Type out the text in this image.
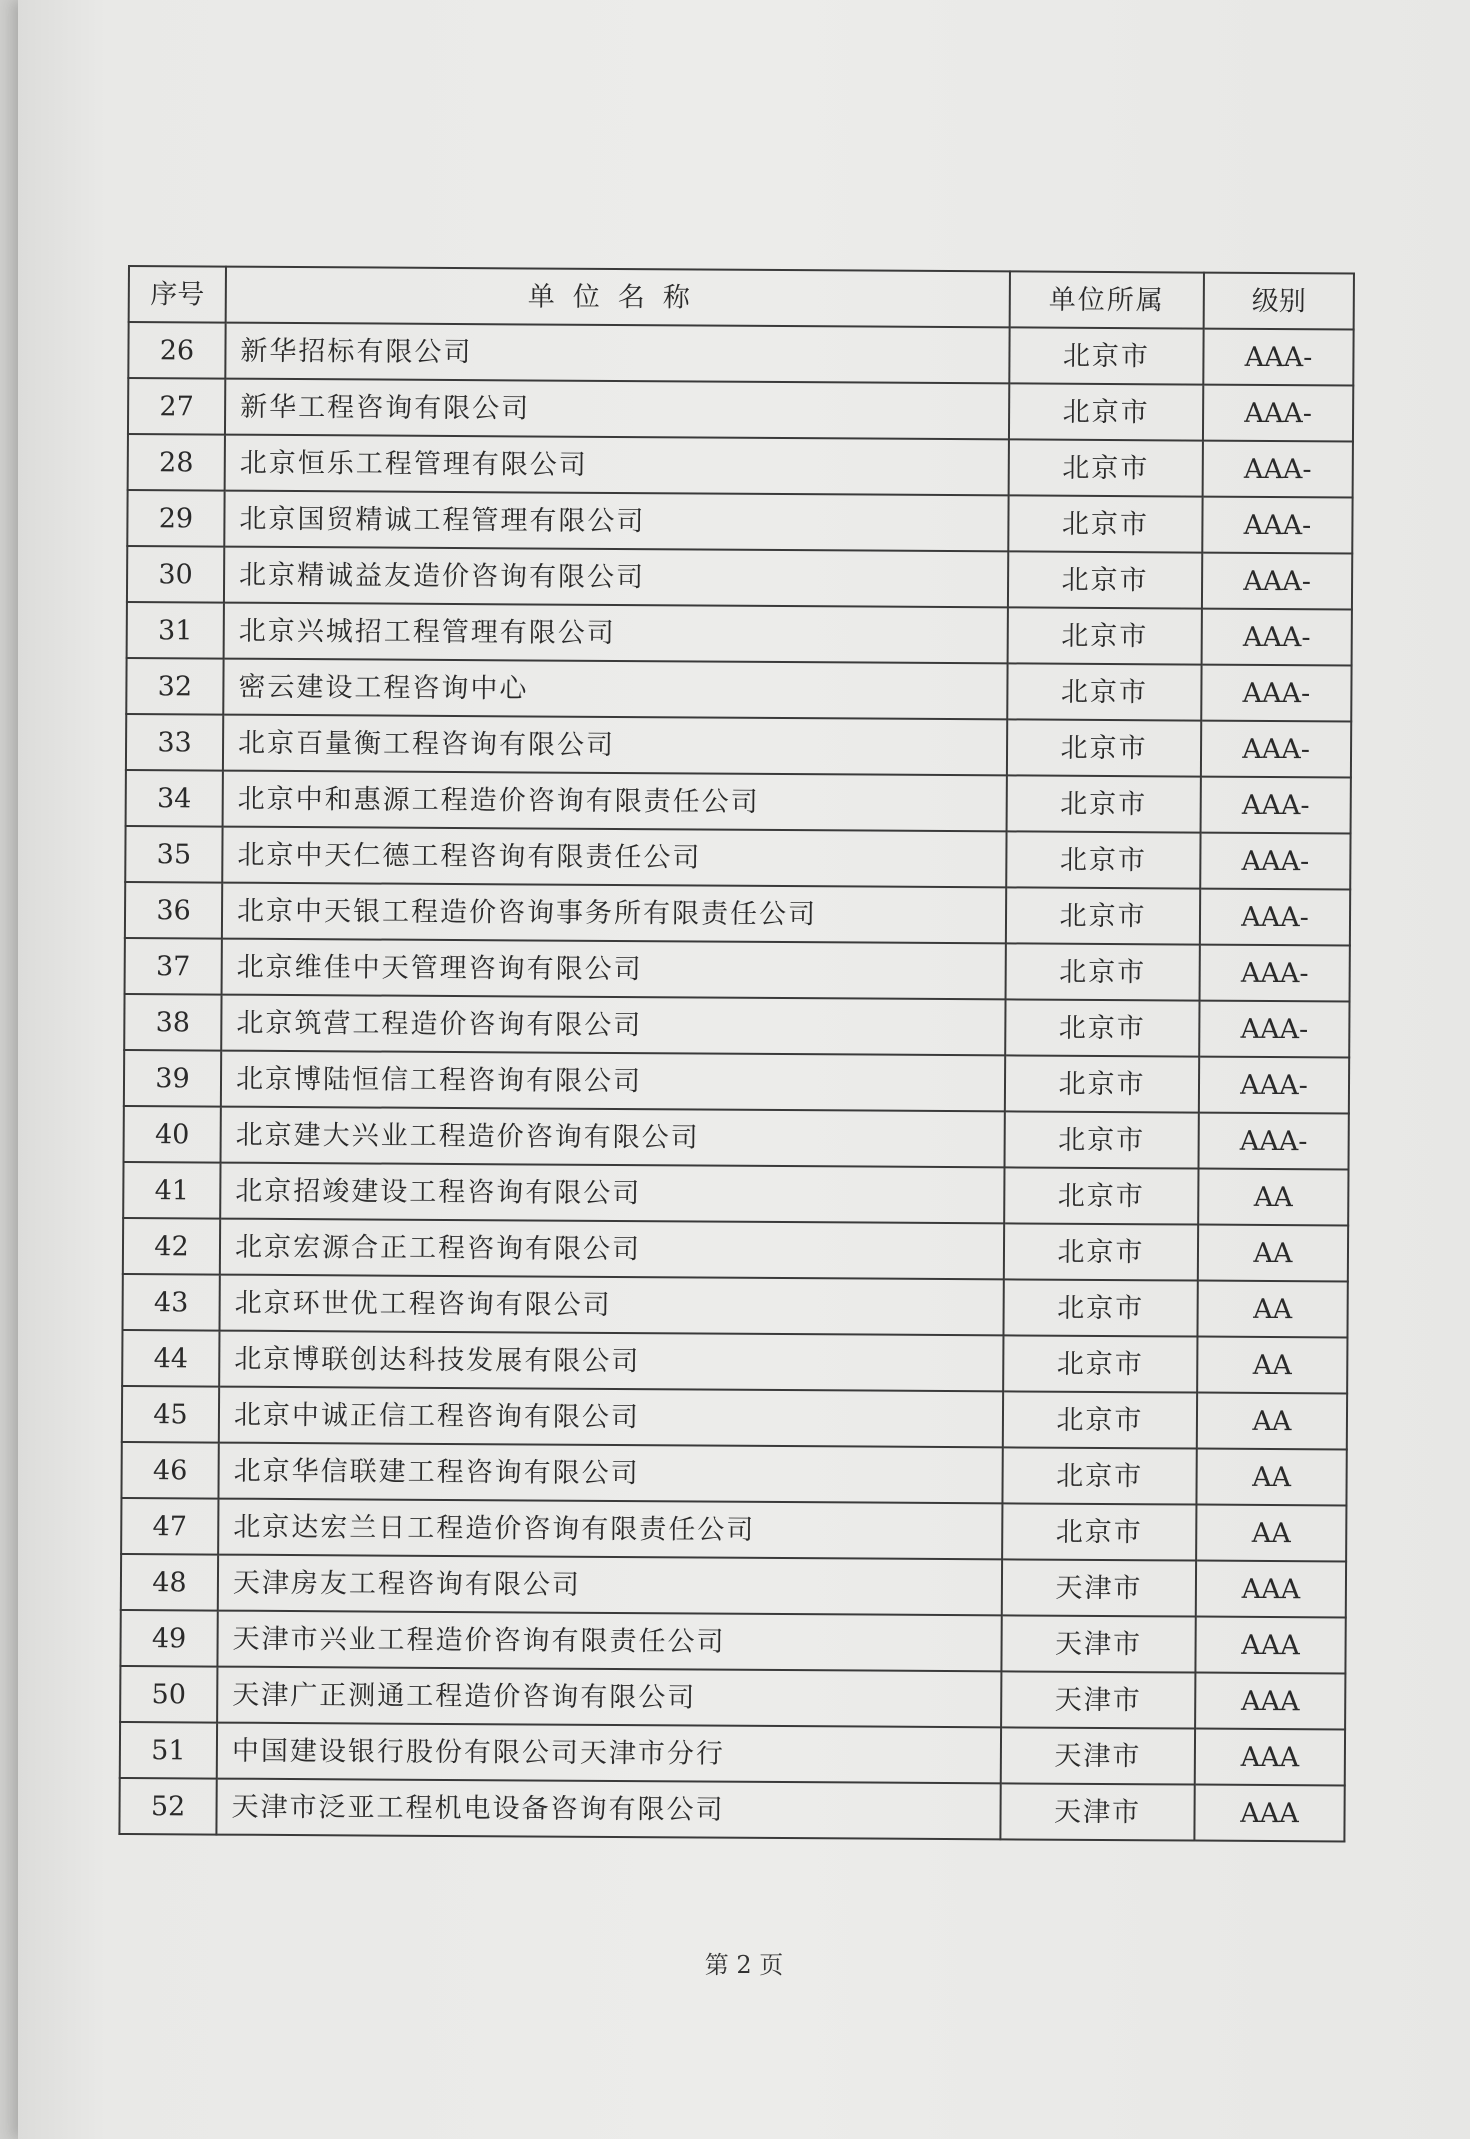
序号	单位名称	单位所属	级别
26	新华招标有限公司	北京市	AAA-
27	新华工程咨询有限公司	北京市	AAA-
28	北京恒乐工程管理有限公司	北京市	AAA-
29	北京国贸精诚工程管理有限公司	北京市	AAA-
30	北京精诚益友造价咨询有限公司	北京市	AAA-
31	北京兴城招工程管理有限公司	北京市	AAA-
32	密云建设工程咨询中心	北京市	AAA-
33	北京百量衡工程咨询有限公司	北京市	AAA-
34	北京中和惠源工程造价咨询有限责任公司	北京市	AAA-
35	北京中天仁德工程咨询有限责任公司	北京市	AAA-
36	北京中天银工程造价咨询事务所有限责任公司	北京市	AAA-
37	北京维佳中天管理咨询有限公司	北京市	AAA-
38	北京筑营工程造价咨询有限公司	北京市	AAA-
39	北京博陆恒信工程咨询有限公司	北京市	AAA-
40	北京建大兴业工程造价咨询有限公司	北京市	AAA-
41	北京招竣建设工程咨询有限公司	北京市	AA
42	北京宏源合正工程咨询有限公司	北京市	AA
43	北京环世优工程咨询有限公司	北京市	AA
44	北京博联创达科技发展有限公司	北京市	AA
45	北京中诚正信工程咨询有限公司	北京市	AA
46	北京华信联建工程咨询有限公司	北京市	AA
47	北京达宏兰日工程造价咨询有限责任公司	北京市	AA
48	天津房友工程咨询有限公司	天津市	AAA
49	天津市兴业工程造价咨询有限责任公司	天津市	AAA
50	天津广正测通工程造价咨询有限公司	天津市	AAA
51	中国建设银行股份有限公司天津市分行	天津市	AAA
52	天津市泛亚工程机电设备咨询有限公司	天津市	AAA
第 2 页
